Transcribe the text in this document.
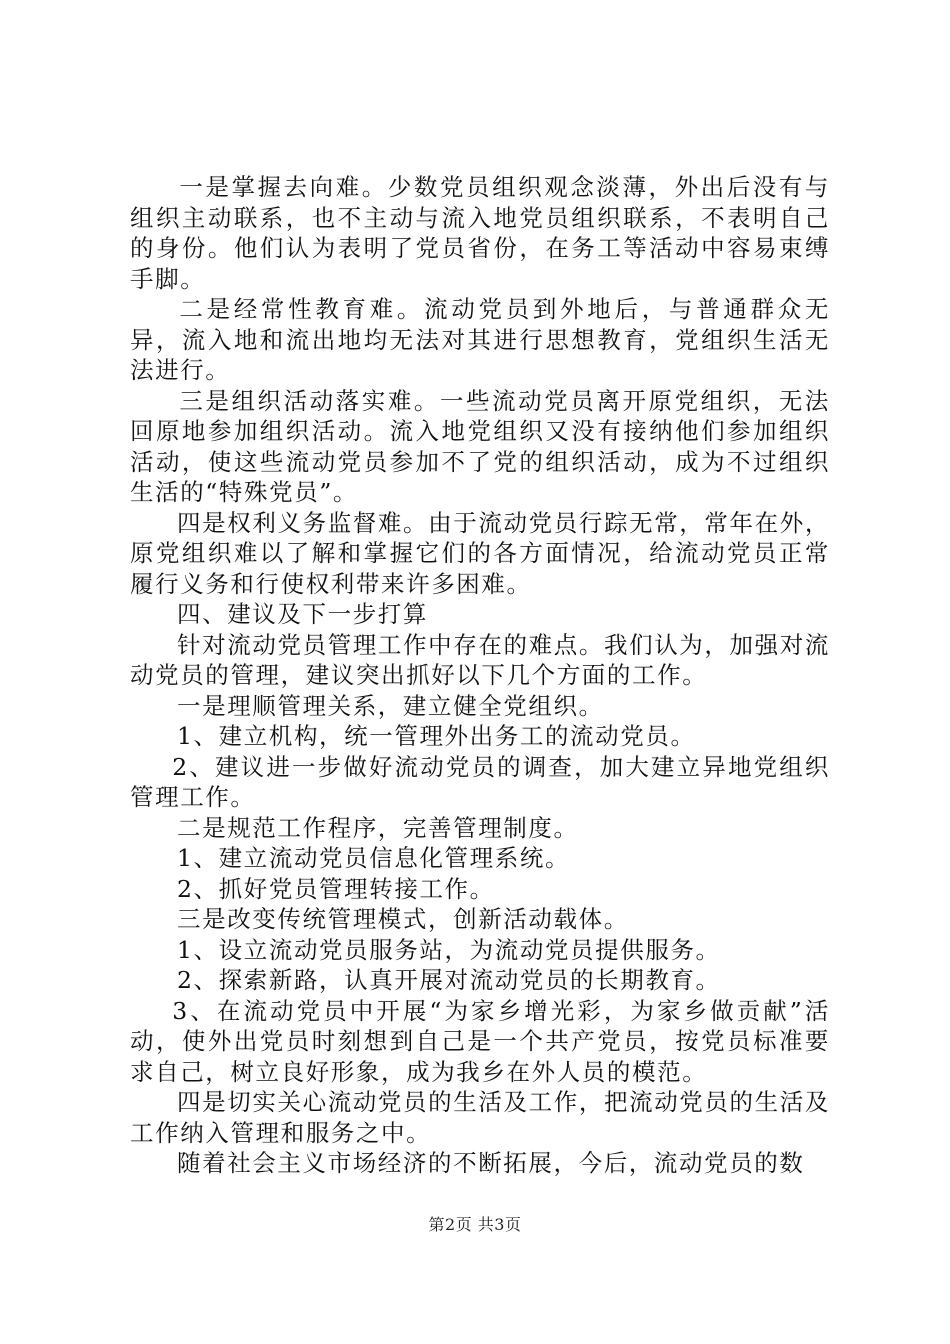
一是掌握去向难。少数党员组织观念淡薄，外出后没有与组织主动联系，也不主动与流入地党员组织联系，不表明自己的身份。他们认为表明了党员省份，在务工等活动中容易束缚手脚。

二是经常性教育难。流动党员到外地后，与普通群众无异，流入地和流出地均无法对其进行思想教育，党组织生活无法进行。

三是组织活动落实难。一些流动党员离开原党组织，无法回原地参加组织活动。流入地党组织又没有接纳他们参加组织活动，使这些流动党员参加不了党的组织活动，成为不过组织生活的“特殊党员”。

四是权利义务监督难。由于流动党员行踪无常，常年在外，原党组织难以了解和掌握它们的各方面情况，给流动党员正常履行义务和行使权利带来许多困难。

四、建议及下一步打算

针对流动党员管理工作中存在的难点。我们认为，加强对流动党员的管理，建议突出抓好以下几个方面的工作。

一是理顺管理关系，建立健全党组织。

1、建立机构，统一管理外出务工的流动党员。

2、建议进一步做好流动党员的调查，加大建立异地党组织管理工作。

二是规范工作程序，完善管理制度。

1、建立流动党员信息化管理系统。

2、抓好党员管理转接工作。

三是改变传统管理模式，创新活动载体。

1、设立流动党员服务站，为流动党员提供服务。

2、探索新路，认真开展对流动党员的长期教育。

3、在流动党员中开展“为家乡增光彩，为家乡做贡献”活动，使外出党员时刻想到自己是一个共产党员，按党员标准要求自己，树立良好形象，成为我乡在外人员的模范。

四是切实关心流动党员的生活及工作，把流动党员的生活及工作纳入管理和服务之中。

随着社会主义市场经济的不断拓展，今后，流动党员的数

第2页 共3页
